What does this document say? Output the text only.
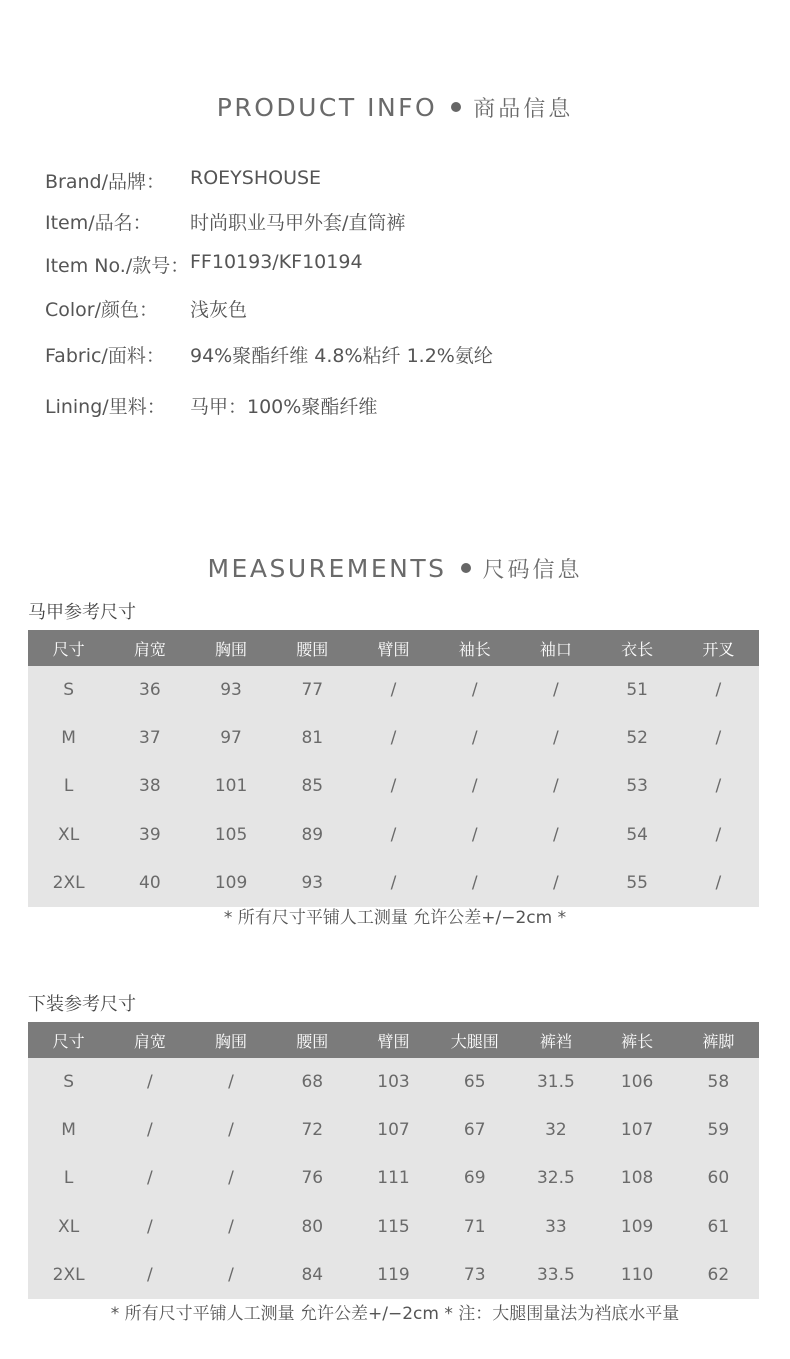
PRODUCT INFO 商品信息
Brand/品牌： ROEYSHOUSE
Item/品名： 时尚职业马甲外套/直筒裤
Item No./款号： FF10193/KF10194
Color/颜色： 浅灰色
Fabric/面料： 94%聚酯纤维 4.8%粘纤 1.2%氨纶
Lining/里料： 马甲：100%聚酯纤维
MEASUREMENTS 尺码信息
马甲参考尺寸
尺寸	肩宽	胸围	腰围	臂围	袖长	袖口	衣长	开叉
S	36	93	77	/	/	/	51	/
M	37	97	81	/	/	/	52	/
L	38	101	85	/	/	/	53	/
XL	39	105	89	/	/	/	54	/
2XL	40	109	93	/	/	/	55	/
* 所有尺寸平铺人工测量 允许公差+/−2cm *
下装参考尺寸
尺寸	肩宽	胸围	腰围	臂围	大腿围	裤裆	裤长	裤脚
S	/	/	68	103	65	31.5	106	58
M	/	/	72	107	67	32	107	59
L	/	/	76	111	69	32.5	108	60
XL	/	/	80	115	71	33	109	61
2XL	/	/	84	119	73	33.5	110	62
* 所有尺寸平铺人工测量 允许公差+/−2cm * 注：大腿围量法为裆底水平量
